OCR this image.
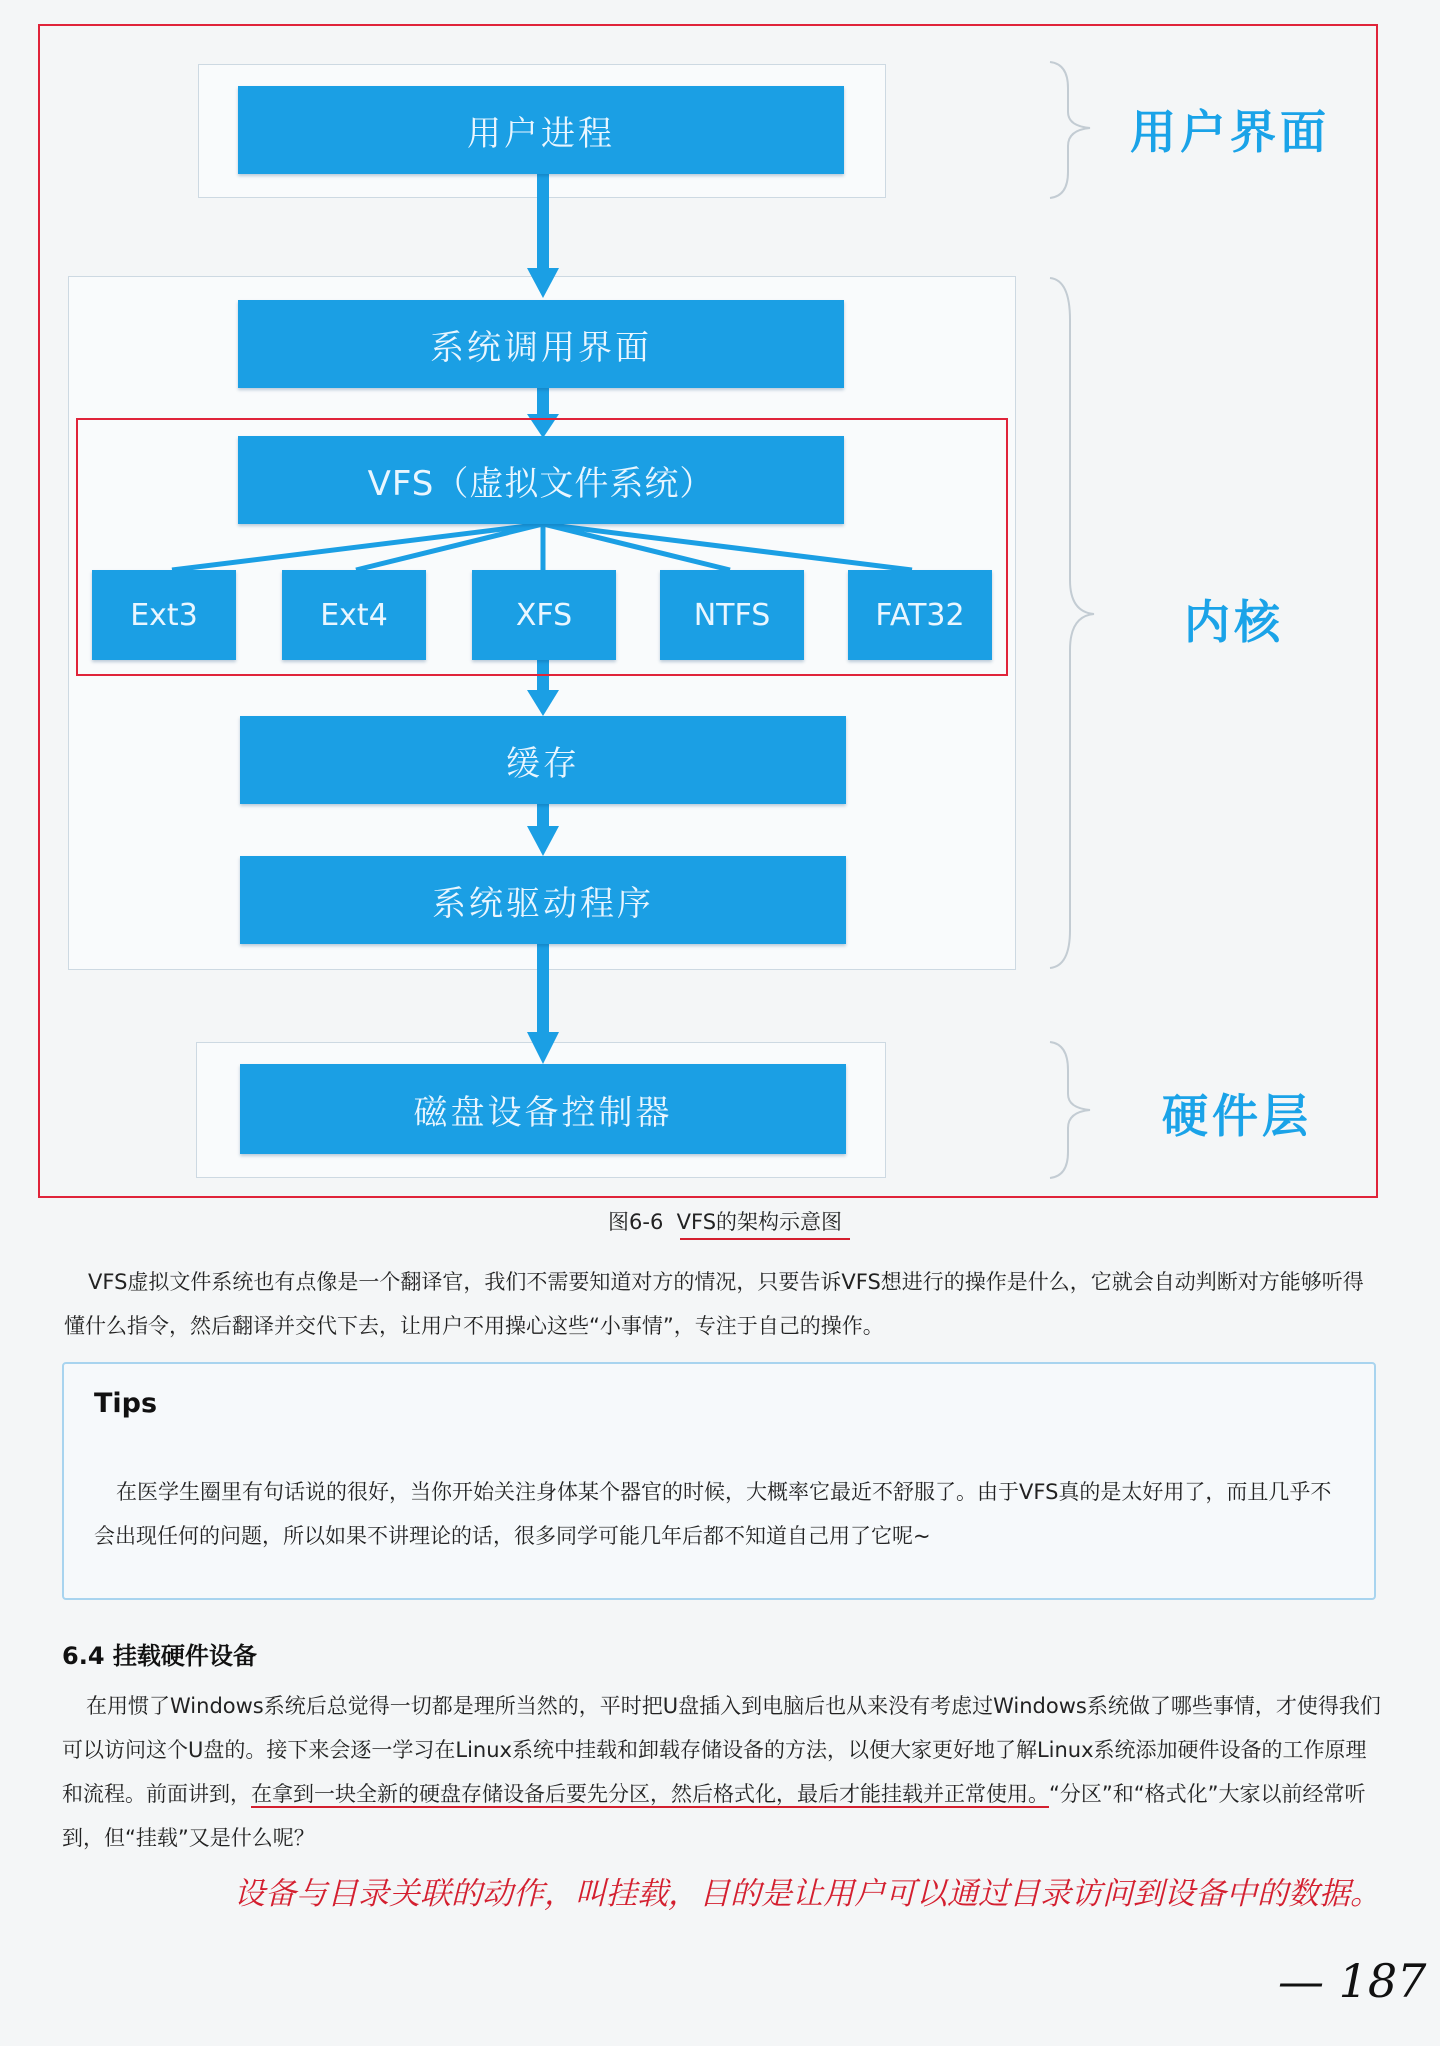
用户进程
系统调用界面
VFS（虚拟文件系统）
Ext3	Ext4	XFS	NTFS	FAT32
缓存
系统驱动程序
磁盘设备控制器
用户界面
内核
硬件层
图6-6  VFS的架构示意图
VFS虚拟文件系统也有点像是一个翻译官，我们不需要知道对方的情况，只要告诉VFS想进行的操作是什么，它就会自动判断对方能够听得懂什么指令，然后翻译并交代下去，让用户不用操心这些“小事情”，专注于自己的操作。
Tips
在医学生圈里有句话说的很好，当你开始关注身体某个器官的时候，大概率它最近不舒服了。由于VFS真的是太好用了，而且几乎不会出现任何的问题，所以如果不讲理论的话，很多同学可能几年后都不知道自己用了它呢~
6.4 挂载硬件设备
在用惯了Windows系统后总觉得一切都是理所当然的，平时把U盘插入到电脑后也从来没有考虑过Windows系统做了哪些事情，才使得我们可以访问这个U盘的。接下来会逐一学习在Linux系统中挂载和卸载存储设备的方法，以便大家更好地了解Linux系统添加硬件设备的工作原理和流程。前面讲到，在拿到一块全新的硬盘存储设备后要先分区，然后格式化，最后才能挂载并正常使用。“分区”和“格式化”大家以前经常听到，但“挂载”又是什么呢？
设备与目录关联的动作，叫挂载，目的是让用户可以通过目录访问到设备中的数据。
— 187
